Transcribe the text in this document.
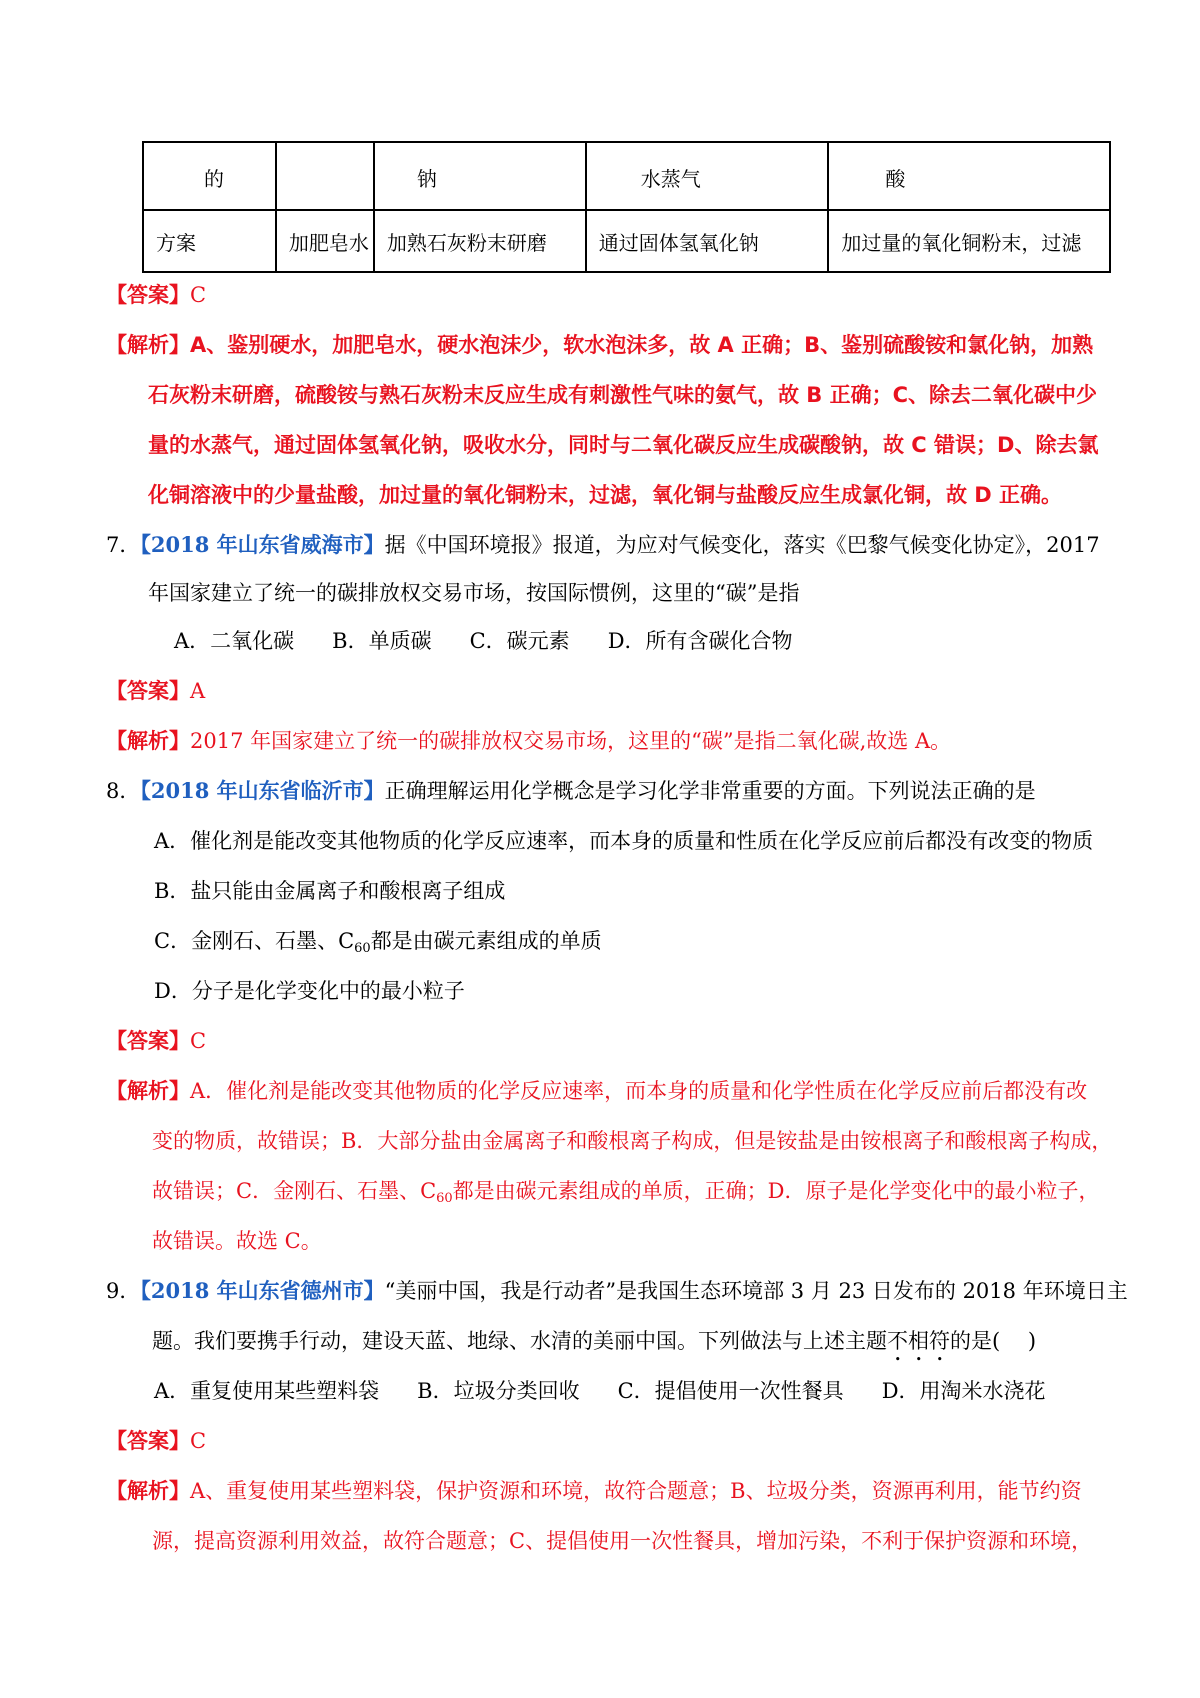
的		钠	水蒸气	酸
方案	加肥皂水	加熟石灰粉末研磨	通过固体氢氧化钠	加过量的氧化铜粉末，过滤
【答案】C
【解析】A、鉴别硬水，加肥皂水，硬水泡沫少，软水泡沫多，故 A 正确；B、鉴别硫酸铵和氯化钠，加熟
石灰粉末研磨，硫酸铵与熟石灰粉末反应生成有刺激性气味的氨气，故 B 正确；C、除去二氧化碳中少
量的水蒸气，通过固体氢氧化钠，吸收水分，同时与二氧化碳反应生成碳酸钠，故 C 错误；D、除去氯
化铜溶液中的少量盐酸，加过量的氧化铜粉末，过滤，氧化铜与盐酸反应生成氯化铜，故 D 正确。
7．【2018 年山东省威海市】据《中国环境报》报道，为应对气候变化，落实《巴黎气候变化协定》，2017
年国家建立了统一的碳排放权交易市场，按国际惯例，这里的“碳”是指
A．二氧化碳 B．单质碳 C．碳元素 D．所有含碳化合物
【答案】A
【解析】2017 年国家建立了统一的碳排放权交易市场，这里的“碳”是指二氧化碳,故选 A。
8．【2018 年山东省临沂市】正确理解运用化学概念是学习化学非常重要的方面。下列说法正确的是
A．催化剂是能改变其他物质的化学反应速率，而本身的质量和性质在化学反应前后都没有改变的物质
B．盐只能由金属离子和酸根离子组成
C．金刚石、石墨、$C_{60}$都是由碳元素组成的单质
D．分子是化学变化中的最小粒子
【答案】C
【解析】A．催化剂是能改变其他物质的化学反应速率，而本身的质量和化学性质在化学反应前后都没有改
变的物质，故错误；B．大部分盐由金属离子和酸根离子构成，但是铵盐是由铵根离子和酸根离子构成，
故错误；C．金刚石、石墨、$C_{60}$都是由碳元素组成的单质，正确；D．原子是化学变化中的最小粒子，
故错误。故选 C。
9．【2018 年山东省德州市】“美丽中国，我是行动者”是我国生态环境部 3 月 23 日发布的 2018 年环境日主
题。我们要携手行动，建设天蓝、地绿、水清的美丽中国。下列做法与上述主题不相符的是(　 )
A．重复使用某些塑料袋 B．垃圾分类回收 C．提倡使用一次性餐具 D．用淘米水浇花
【答案】C
【解析】A、重复使用某些塑料袋，保护资源和环境，故符合题意；B、垃圾分类，资源再利用，能节约资
源，提高资源利用效益，故符合题意；C、提倡使用一次性餐具，增加污染，不利于保护资源和环境，
